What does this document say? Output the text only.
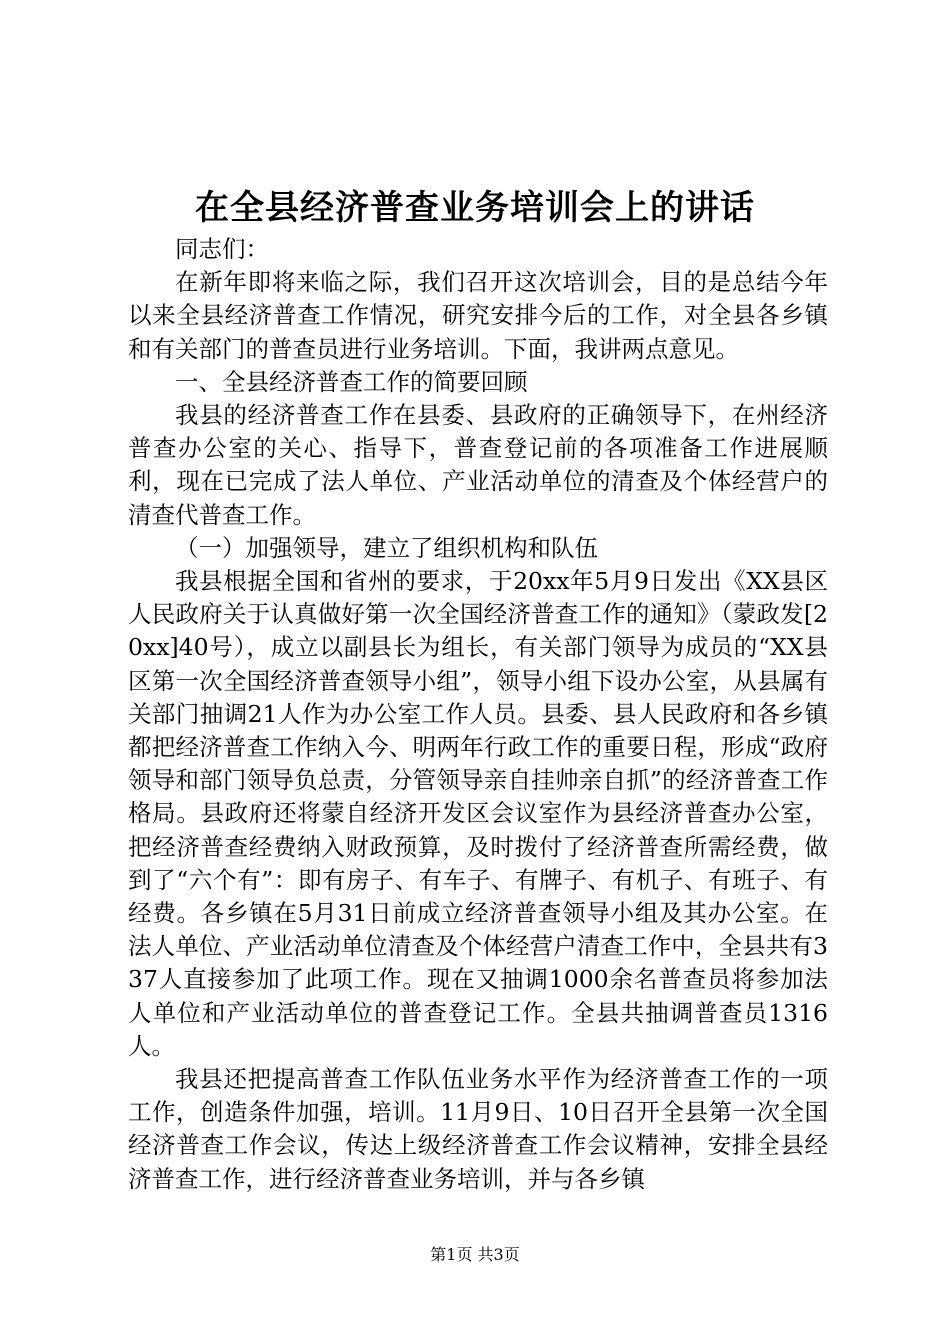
在全县经济普查业务培训会上的讲话

同志们：

在新年即将来临之际，我们召开这次培训会，目的是总结今年以来全县经济普查工作情况，研究安排今后的工作，对全县各乡镇和有关部门的普查员进行业务培训。下面，我讲两点意见。

一、全县经济普查工作的简要回顾

我县的经济普查工作在县委、县政府的正确领导下，在州经济普查办公室的关心、指导下，普查登记前的各项准备工作进展顺利，现在已完成了法人单位、产业活动单位的清查及个体经营户的清查代普查工作。

（一）加强领导，建立了组织机构和队伍

我县根据全国和省州的要求，于20xx年5月9日发出《XX县区人民政府关于认真做好第一次全国经济普查工作的通知》（蒙政发[20xx]40号），成立以副县长为组长，有关部门领导为成员的“XX县区第一次全国经济普查领导小组”，领导小组下设办公室，从县属有关部门抽调21人作为办公室工作人员。县委、县人民政府和各乡镇都把经济普查工作纳入今、明两年行政工作的重要日程，形成“政府领导和部门领导负总责，分管领导亲自挂帅亲自抓”的经济普查工作格局。县政府还将蒙自经济开发区会议室作为县经济普查办公室，把经济普查经费纳入财政预算，及时拨付了经济普查所需经费，做到了“六个有”：即有房子、有车子、有牌子、有机子、有班子、有经费。各乡镇在5月31日前成立经济普查领导小组及其办公室。在法人单位、产业活动单位清查及个体经营户清查工作中，全县共有337人直接参加了此项工作。现在又抽调1000余名普查员将参加法人单位和产业活动单位的普查登记工作。全县共抽调普查员1316人。

我县还把提高普查工作队伍业务水平作为经济普查工作的一项工作，创造条件加强，培训。11月9日、10日召开全县第一次全国经济普查工作会议，传达上级经济普查工作会议精神，安排全县经济普查工作，进行经济普查业务培训，并与各乡镇

第1页 共3页
